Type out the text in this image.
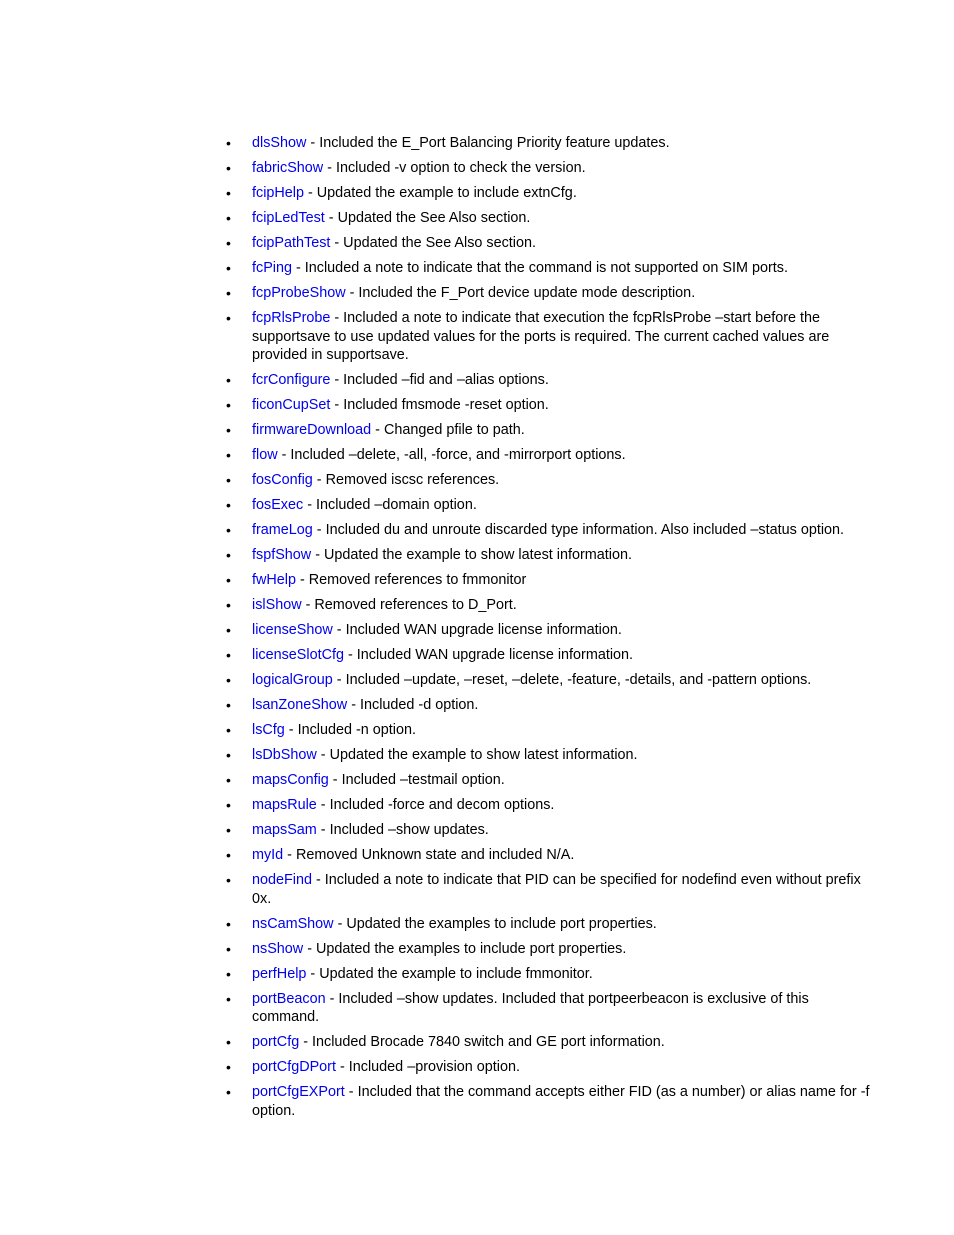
• dlsShow - Included the E_Port Balancing Priority feature updates.
• fabricShow - Included -v option to check the version.
• fcipHelp - Updated the example to include extnCfg.
• fcipLedTest - Updated the See Also section.
• fcipPathTest - Updated the See Also section.
• fcPing - Included a note to indicate that the command is not supported on SIM ports.
• fcpProbeShow - Included the F_Port device update mode description.
• fcpRlsProbe - Included a note to indicate that execution the fcpRlsProbe –start before the supportsave to use updated values for the ports is required. The current cached values are provided in supportsave.
• fcrConfigure - Included –fid and –alias options.
• ficonCupSet - Included fmsmode -reset option.
• firmwareDownload - Changed pfile to path.
• flow - Included –delete, -all, -force, and -mirrorport options.
• fosConfig - Removed iscsc references.
• fosExec - Included –domain option.
• frameLog - Included du and unroute discarded type information. Also included –status option.
• fspfShow - Updated the example to show latest information.
• fwHelp - Removed references to fmmonitor
• islShow - Removed references to D_Port.
• licenseShow - Included WAN upgrade license information.
• licenseSlotCfg - Included WAN upgrade license information.
• logicalGroup - Included –update, –reset, –delete, -feature, -details, and -pattern options.
• lsanZoneShow - Included -d option.
• lsCfg - Included -n option.
• lsDbShow - Updated the example to show latest information.
• mapsConfig - Included –testmail option.
• mapsRule - Included -force and decom options.
• mapsSam - Included –show updates.
• myId - Removed Unknown state and included N/A.
• nodeFind - Included a note to indicate that PID can be specified for nodefind even without prefix 0x.
• nsCamShow - Updated the examples to include port properties.
• nsShow - Updated the examples to include port properties.
• perfHelp - Updated the example to include fmmonitor.
• portBeacon - Included –show updates. Included that portpeerbeacon is exclusive of this command.
• portCfg - Included Brocade 7840 switch and GE port information.
• portCfgDPort - Included –provision option.
• portCfgEXPort - Included that the command accepts either FID (as a number) or alias name for -f option.
